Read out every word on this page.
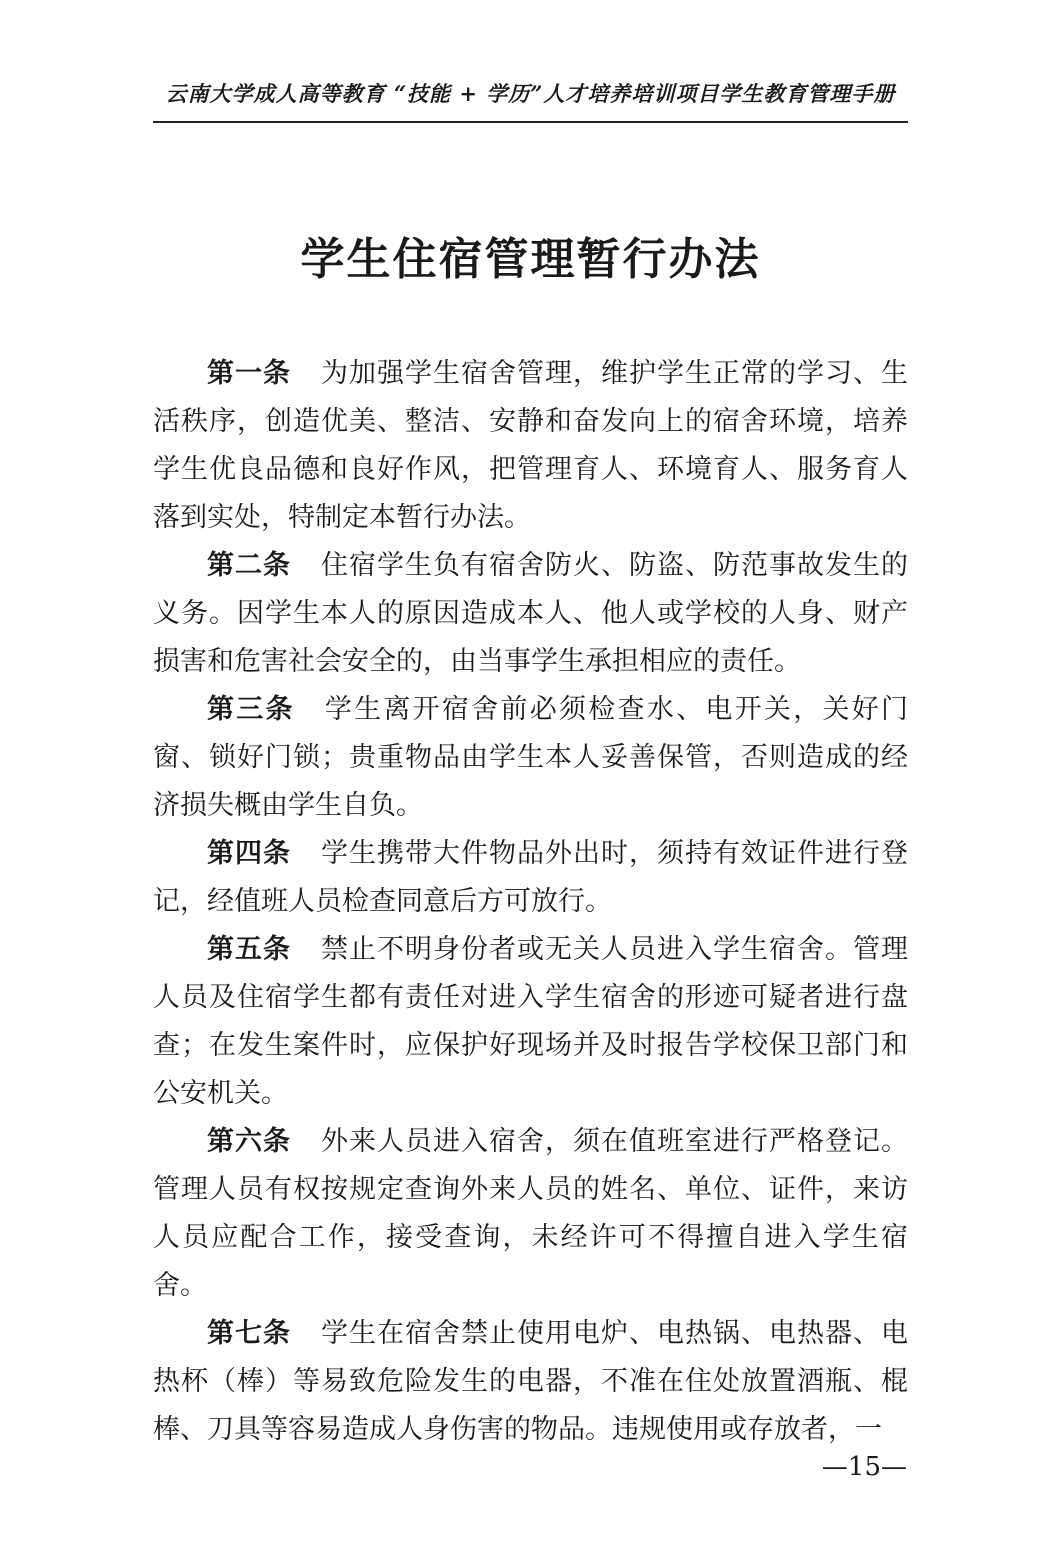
云南大学成人高等教育 “技能 + 学历”人才培养培训项目学生教育管理手册
学生住宿管理暂行办法

第一条 为加强学生宿舍管理，维护学生正常的学习、生活秩序，创造优美、整洁、安静和奋发向上的宿舍环境，培养学生优良品德和良好作风，把管理育人、环境育人、服务育人落到实处，特制定本暂行办法。

第二条 住宿学生负有宿舍防火、防盗、防范事故发生的义务。因学生本人的原因造成本人、他人或学校的人身、财产损害和危害社会安全的，由当事学生承担相应的责任。

第三条 学生离开宿舍前必须检查水、电开关，关好门窗、锁好门锁；贵重物品由学生本人妥善保管，否则造成的经济损失概由学生自负。

第四条 学生携带大件物品外出时，须持有效证件进行登记，经值班人员检查同意后方可放行。

第五条 禁止不明身份者或无关人员进入学生宿舍。管理人员及住宿学生都有责任对进入学生宿舍的形迹可疑者进行盘查；在发生案件时，应保护好现场并及时报告学校保卫部门和公安机关。

第六条 外来人员进入宿舍，须在值班室进行严格登记。管理人员有权按规定查询外来人员的姓名、单位、证件，来访人员应配合工作，接受查询，未经许可不得擅自进入学生宿舍。

第七条 学生在宿舍禁止使用电炉、电热锅、电热器、电热杯（棒）等易致危险发生的电器，不准在住处放置酒瓶、棍棒、刀具等容易造成人身伤害的物品。违规使用或存放者，一

—15—
